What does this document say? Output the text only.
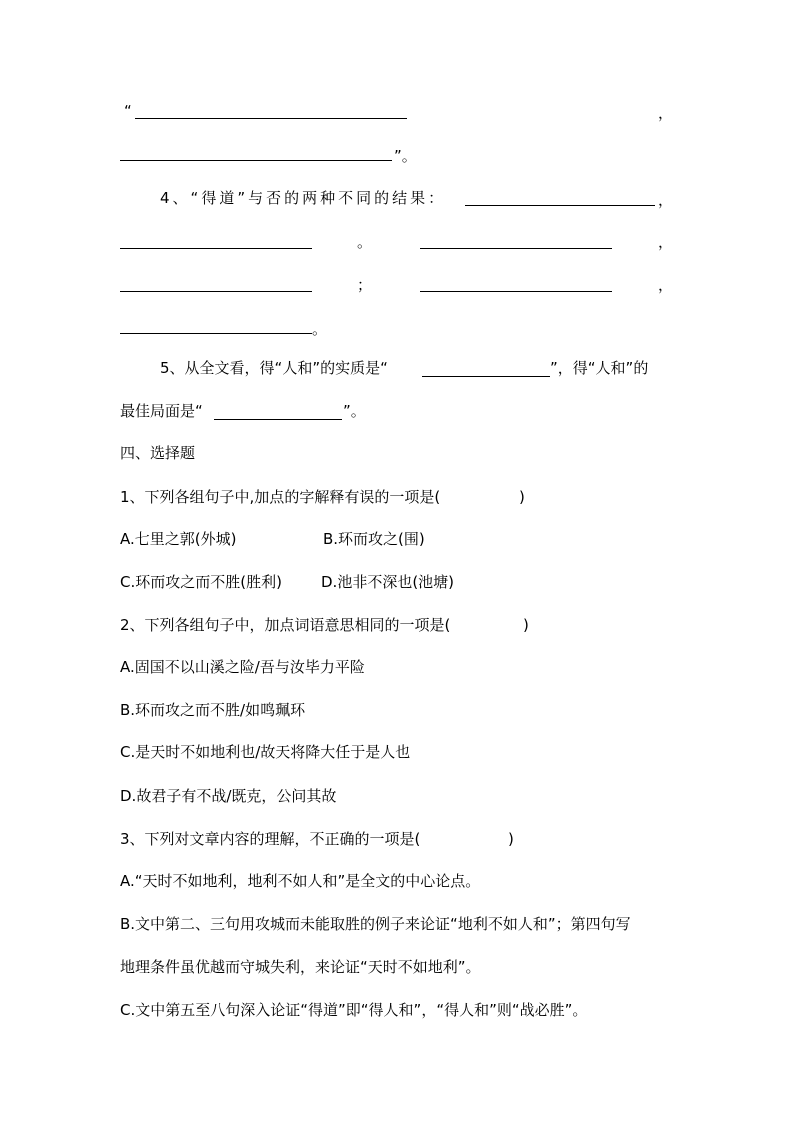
“	，
”。
4、“得道”与否的两种不同的结果：	，
。	，
；	，
。
5、从全文看，得“人和”的实质是“	”，得“人和”的
最佳局面是“	”。
四、选择题
1、下列各组句子中,加点的字解释有误的一项是(	)
A.七里之郭(外城)	B.环而攻之(围)
C.环而攻之而不胜(胜利)	D.池非不深也(池塘)
2、下列各组句子中，加点词语意思相同的一项是(	)
A.固国不以山溪之险/吾与汝毕力平险
B.环而攻之而不胜/如鸣珮环
C.是天时不如地利也/故天将降大任于是人也
D.故君子有不战/既克，公问其故
3、下列对文章内容的理解，不正确的一项是(	)
A.“天时不如地利，地利不如人和”是全文的中心论点。
B.文中第二、三句用攻城而未能取胜的例子来论证“地利不如人和”；第四句写
地理条件虽优越而守城失利，来论证“天时不如地利”。
C.文中第五至八句深入论证“得道”即“得人和”，“得人和”则“战必胜”。
